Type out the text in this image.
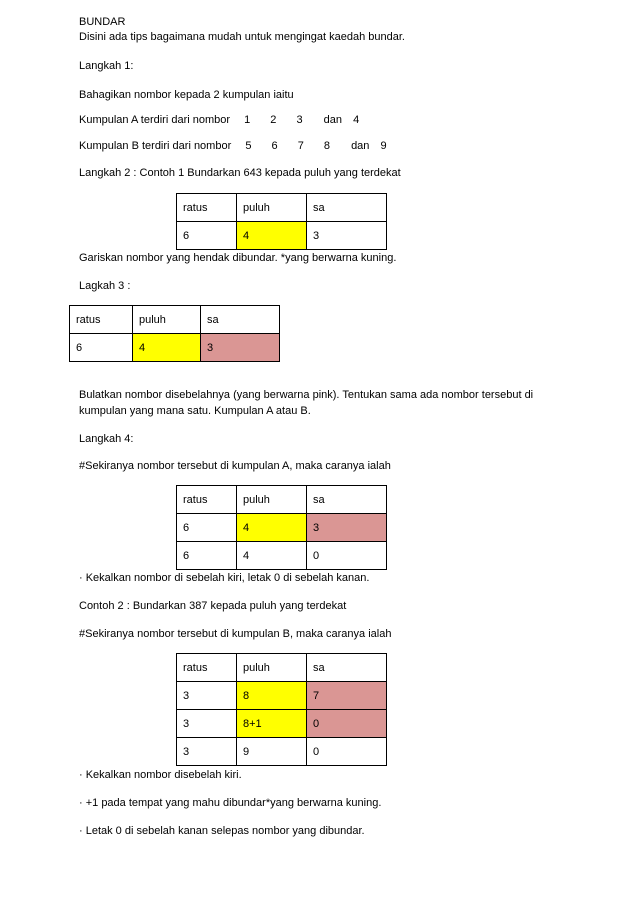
BUNDAR
Disini ada tips bagaimana mudah untuk mengingat kaedah bundar.
Langkah 1:
Bahagikan nombor kepada 2 kumpulan iaitu
Kumpulan A terdiri dari nombor 1 2 3 dan 4
Kumpulan B terdiri dari nombor 5 6 7 8 dan 9
Langkah 2 : Contoh 1 Bundarkan 643 kepada puluh yang terdekat
ratus	puluh	sa
6	4	3
Gariskan nombor yang hendak dibundar. *yang berwarna kuning.
Lagkah 3 :
ratus	puluh	sa
6	4	3
Bulatkan nombor disebelahnya (yang berwarna pink). Tentukan sama ada nombor tersebut di
kumpulan yang mana satu. Kumpulan A atau B.
Langkah 4:
#Sekiranya nombor tersebut di kumpulan A, maka caranya ialah
ratus	puluh	sa
6	4	3
6	4	0
· Kekalkan nombor di sebelah kiri, letak 0 di sebelah kanan.
Contoh 2 : Bundarkan 387 kepada puluh yang terdekat
#Sekiranya nombor tersebut di kumpulan B, maka caranya ialah
ratus	puluh	sa
3	8	7
3	8+1	0
3	9	0
· Kekalkan nombor disebelah kiri.
· +1 pada tempat yang mahu dibundar*yang berwarna kuning.
· Letak 0 di sebelah kanan selepas nombor yang dibundar.
